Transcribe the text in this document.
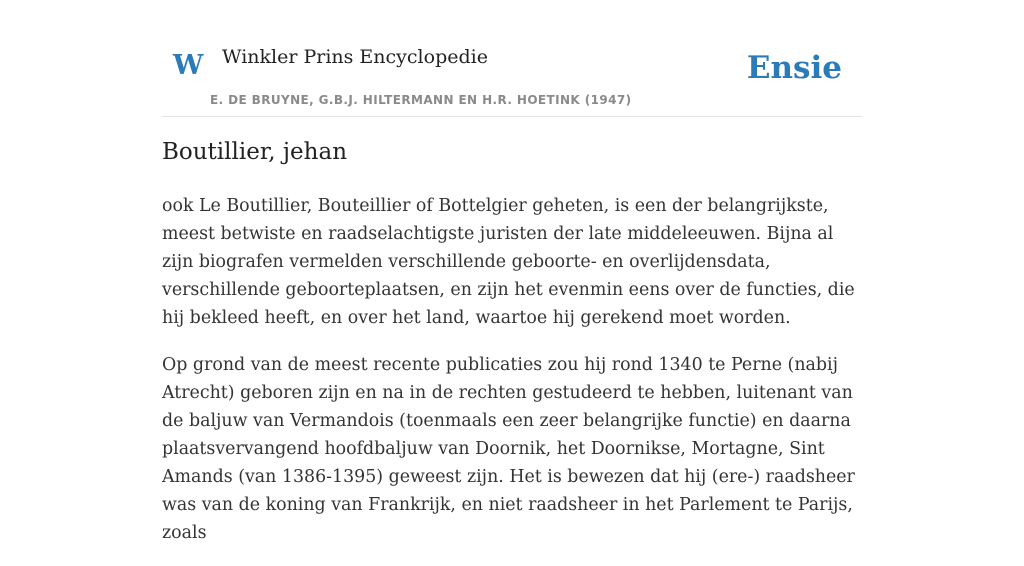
W Winkler Prins Encyclopedie
E. DE BRUYNE, G.B.J. HILTERMANN EN H.R. HOETINK (1947)
Ensie
Boutillier, jehan

ook Le Boutillier, Bouteillier of Bottelgier geheten, is een der belangrijkste, meest betwiste en raadselachtigste juristen der late middeleeuwen. Bijna al zijn biografen vermelden verschillende geboorte- en overlijdensdata, verschillende geboorteplaatsen, en zijn het evenmin eens over de functies, die hij bekleed heeft, en over het land, waartoe hij gerekend moet worden.

Op grond van de meest recente publicaties zou hij rond 1340 te Perne (nabij Atrecht) geboren zijn en na in de rechten gestudeerd te hebben, luitenant van de baljuw van Vermandois (toenmaals een zeer belangrijke functie) en daarna plaatsvervangend hoofdbaljuw van Doornik, het Doornikse, Mortagne, Sint Amands (van 1386-1395) geweest zijn. Het is bewezen dat hij (ere-) raadsheer was van de koning van Frankrijk, en niet raadsheer in het Parlement te Parijs, zoals
